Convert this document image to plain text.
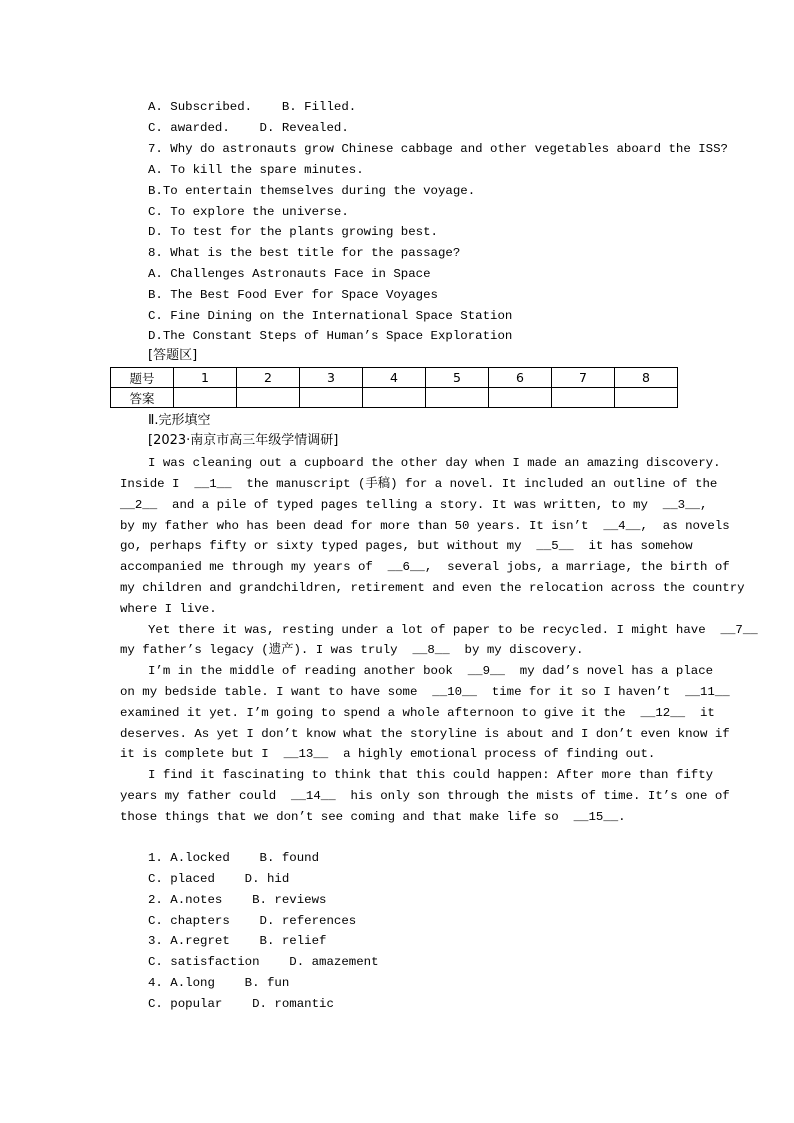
A. Subscribed. B. Filled.
C. awarded. D. Revealed.
7. Why do astronauts grow Chinese cabbage and other vegetables aboard the ISS?
A. To kill the spare minutes.
B.To entertain themselves during the voyage.
C. To explore the universe.
D. To test for the plants growing best.
8. What is the best title for the passage?
A. Challenges Astronauts Face in Space
B. The Best Food Ever for Space Voyages
C. Fine Dining on the International Space Station
D.The Constant Steps of Human’s Space Exploration
[答题区]
题号	1	2	3	4	5	6	7	8
答案								
Ⅱ.完形填空
[2023·南京市高三年级学情调研]
I was cleaning out a cupboard the other day when I made an amazing discovery.
Inside I  __1__  the manuscript (手稿) for a novel. It included an outline of the
__2__  and a pile of typed pages telling a story. It was written, to my  __3__,
by my father who has been dead for more than 50 years. It isn’t  __4__,  as novels
go, perhaps fifty or sixty typed pages, but without my  __5__  it has somehow
accompanied me through my years of  __6__,  several jobs, a marriage, the birth of
my children and grandchildren, retirement and even the relocation across the country
where I live.
Yet there it was, resting under a lot of paper to be recycled. I might have  __7__
my father’s legacy (遗产). I was truly  __8__  by my discovery.
I’m in the middle of reading another book  __9__  my dad’s novel has a place
on my bedside table. I want to have some  __10__  time for it so I haven’t  __11__
examined it yet. I’m going to spend a whole afternoon to give it the  __12__  it
deserves. As yet I don’t know what the storyline is about and I don’t even know if
it is complete but I  __13__  a highly emotional process of finding out.
I find it fascinating to think that this could happen: After more than fifty
years my father could  __14__  his only son through the mists of time. It’s one of
those things that we don’t see coming and that make life so  __15__.
1. A.locked    B. found
C. placed    D. hid
2. A.notes    B. reviews
C. chapters    D. references
3. A.regret    B. relief
C. satisfaction    D. amazement
4. A.long    B. fun
C. popular    D. romantic
